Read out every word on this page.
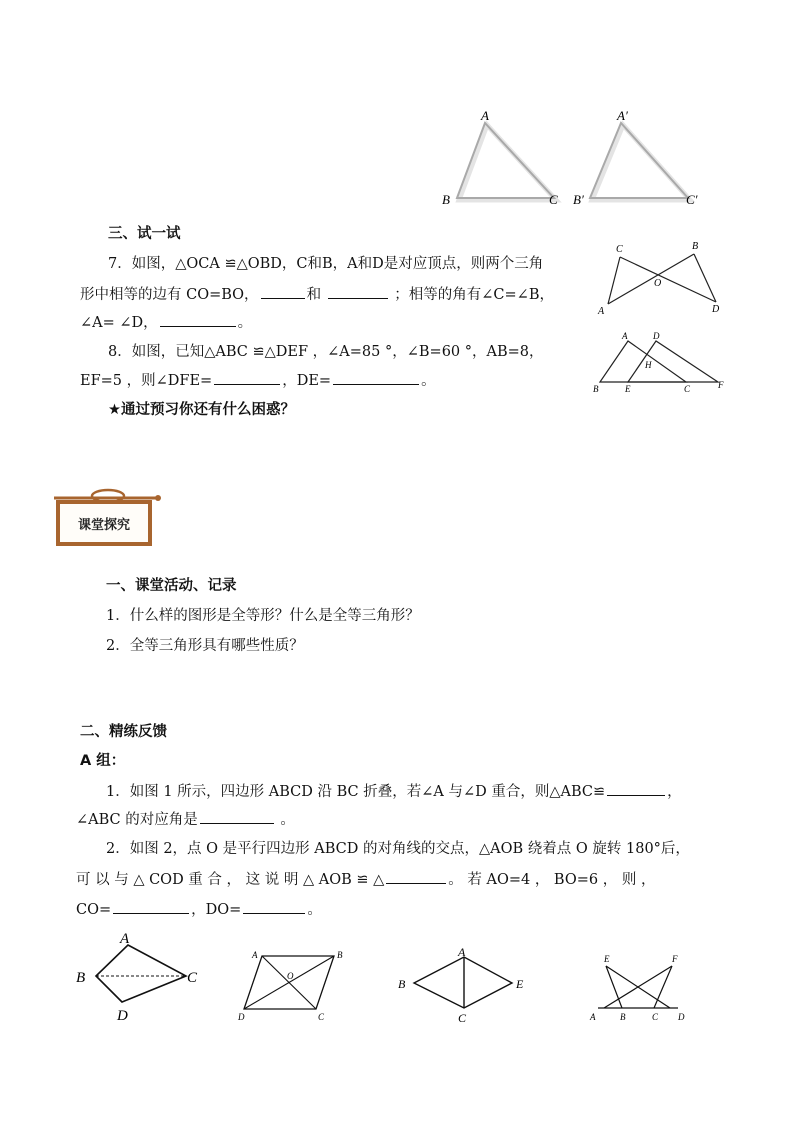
A
B	C
A′
B′	C′
三、试一试
7．如图，△OCA ≌△OBD，C和B，A和D是对应顶点，则两个三角
形中相等的边有 CO=BO，	和	；相等的角有∠C=∠B，
∠A= ∠D，	。
8．如图，已知△ABC ≌△DEF ，∠A=85 °，∠B=60 °，AB=8，
EF=5 ，则∠DFE=	，DE=	。
★通过预习你还有什么困惑？
C	B
O
A	D
A	D
H
B	E	C	F
课堂探究
一、课堂活动、记录
1．什么样的图形是全等形？什么是全等三角形？
2．全等三角形具有哪些性质？
二、精练反馈
A 组：
1．如图 1 所示，四边形 ABCD 沿 BC 折叠，若∠A 与∠D 重合，则△ABC≌	，
∠ABC 的对应角是	。
2．如图 2，点 O 是平行四边形 ABCD 的对角线的交点，△AOB 绕着点 O 旋转 180°后，
可 以 与 △ COD 重 合 ， 这 说 明 △ AOB ≌ △	。 若 AO=4 ， BO=6 ， 则 ，
CO=	，DO=	。
A
B	C
D
A	B
O
D	C
A
B	E
C
E	F
A	B	C D
